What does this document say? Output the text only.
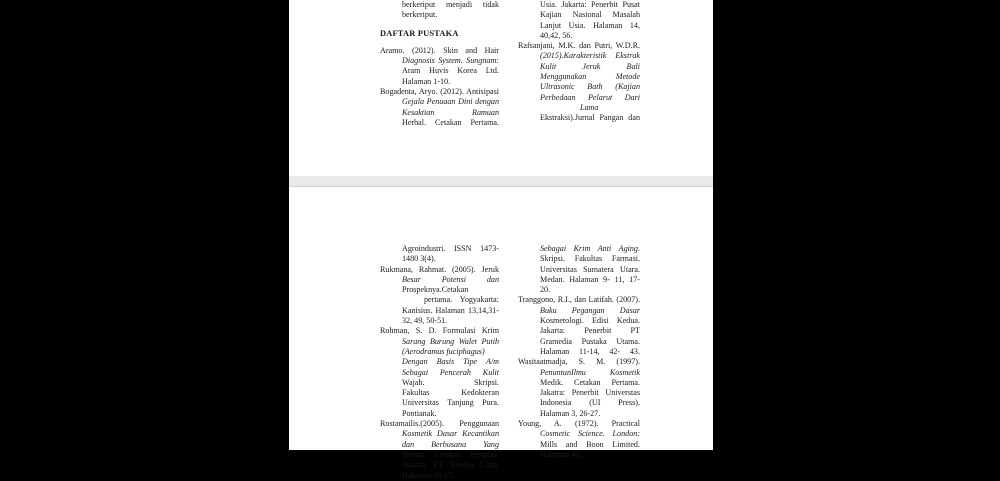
berkeriput menjadi tidak
berkeriput.
DAFTAR PUSTAKA
Aramo. (2012). Skin and Hair
Diagnosis System. Sungnam:
Aram Huvis Korea Ltd.
Halaman 1-10.
Bogadenta, Aryo. (2012). Antisipasi
Gejala Penuaan Dini dengan
Kesaktian Ramuan
Herbal. Cetakan Pertama.
Usia. Jakarta: Penerbit Pusat
Kajian Nasional Masalah
Lanjut Usia. Halaman 14,
40,42, 56.
Rafsanjani, M.K. dan Putri, W.D.R.
(2015).Karakteristik Ekstrak
Kulit Jeruk Bali
Menggunakan Metode
Ultrasonic Bath (Kajian
Perbedaan Pelarut Dari
Lama
Ekstraksi).Jurnal Pangan dan
Agroindustri. ISSN 1473-
1480 3(4).
Rukmana, Rahmat. (2005). Jeruk
Besar Potensi dan
Prospeknya.Cetakan
pertama. Yogyakarta:
Kanisius. Halaman 13,14,31-
32, 49, 50-51.
Rohman, S. D. Formulasi Krim
Sarang Burung Walet Putih
(Aerodramus fuciphagus)
Dengan Basis Tipe A/m
Sebagai Pencerah Kulit
Wajah. Skripsi.
Fakultas Kedokteran
Universitas Tanjung Pura.
Pontianak.
Rostamailis.(2005). Penggunaan
Kosmetik Dasar Kecantikan
dan Berbusana Yang
Sesuai. Cetakan Pertama.
Jakarta: PT. Rineka Cipta.
Halaman 16-17.
Sebagai Krim Anti Aging.
Skripsi. Fakultas Farmasi.
Universitas Sumatera Utara.
Medan. Halaman 9- 11, 17-
20.
Tranggono, R.I., dan Latifah. (2007).
Buku Pegangan Dasar
Kosmetologi. Edisi Kedua.
Jakarta: Penerbit PT
Gramedia Pustaka Utama.
Halaman 11-14, 42- 43.
Wasitaatmadja, S. M. (1997).
PenuntunIlmu Kosmetik
Medik. Cetakan Pertama.
Jakatra: Penerbit Universtas
Indonesia (UI Press).
Halaman 3, 26-27.
Young, A. (1972). Practical
Cosmetic Science. London:
Mills and Boon Limited.
Halaman 40.
